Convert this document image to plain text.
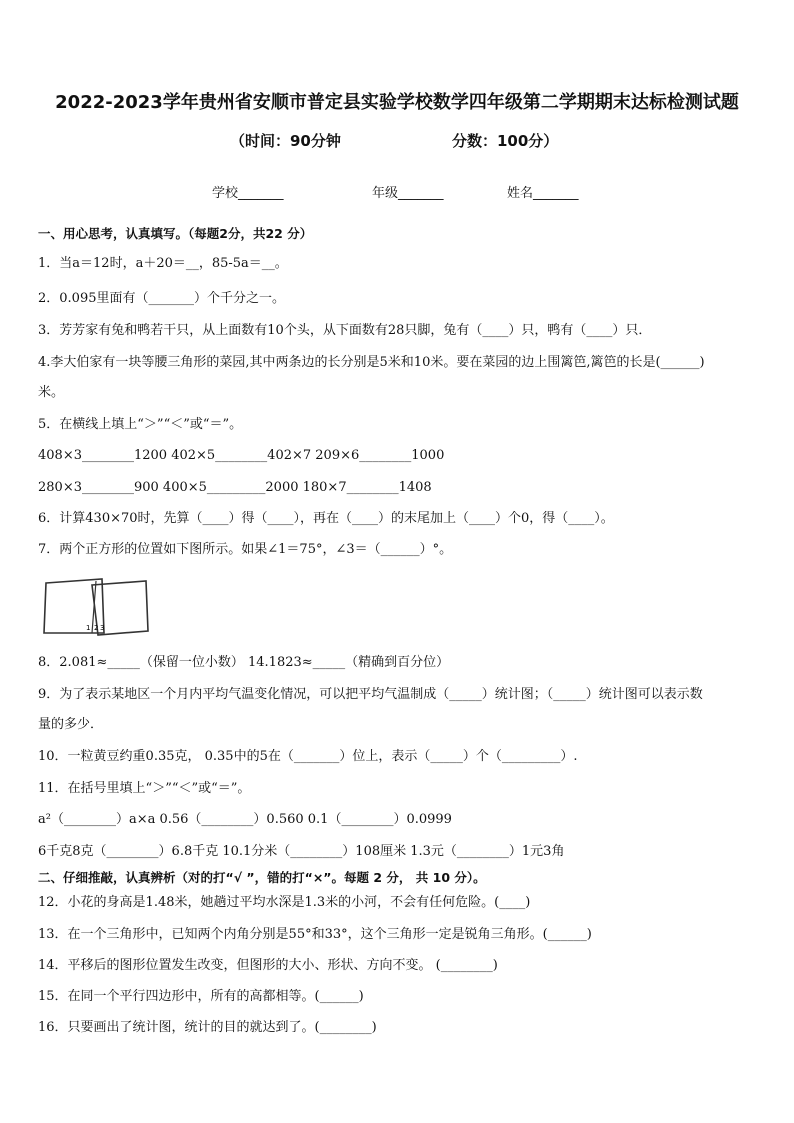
2022-2023学年贵州省安顺市普定县实验学校数学四年级第二学期期末达标检测试题
（时间：90分钟	分数：100分）
学校_______	年级_______	姓名_______
一、用心思考，认真填写。（每题2分，共22 分）
1．当a＝12时，a＋20＝__，85-5a＝__。
2．0.095里面有（_______）个千分之一。
3．芳芳家有兔和鸭若干只，从上面数有10个头，从下面数有28只脚，兔有（____）只，鸭有（____）只．
4.李大伯家有一块等腰三角形的菜园,其中两条边的长分别是5米和10米。要在菜园的边上围篱笆,篱笆的长是(______)
米。
5．在横线上填上“＞”“＜”或“＝”。
408×3________1200 402×5________402×7 209×6________1000
280×3________900 400×5_________2000 180×7________1408
6．计算430×70时，先算（____）得（____），再在（____）的末尾加上（____）个0，得（____）。
7．两个正方形的位置如下图所示。如果∠1＝75°，∠3＝（______）°。
1 2 3
8．2.081≈_____（保留一位小数） 14.1823≈_____（精确到百分位）
9．为了表示某地区一个月内平均气温变化情况，可以把平均气温制成（_____）统计图；（_____）统计图可以表示数
量的多少．
10．一粒黄豆约重0.35克， 0.35中的5在（_______）位上，表示（_____）个（_________）.
11．在括号里填上“＞”“＜”或“＝”。
a²（________）a×a 0.56（________）0.560 0.1（________）0.0999
6千克8克（________）6.8千克 10.1分米（________）108厘米 1.3元（________）1元3角
二、仔细推敲，认真辨析（对的打“√ ”，错的打“×”。每题 2 分， 共 10 分）。
12．小花的身高是1.48米，她趟过平均水深是1.3米的小河，不会有任何危险。(____)
13．在一个三角形中，已知两个内角分别是55°和33°，这个三角形一定是锐角三角形。(______)
14．平移后的图形位置发生改变，但图形的大小、形状、方向不变。 (________)
15．在同一个平行四边形中，所有的高都相等。(______)
16．只要画出了统计图，统计的目的就达到了。(________)
